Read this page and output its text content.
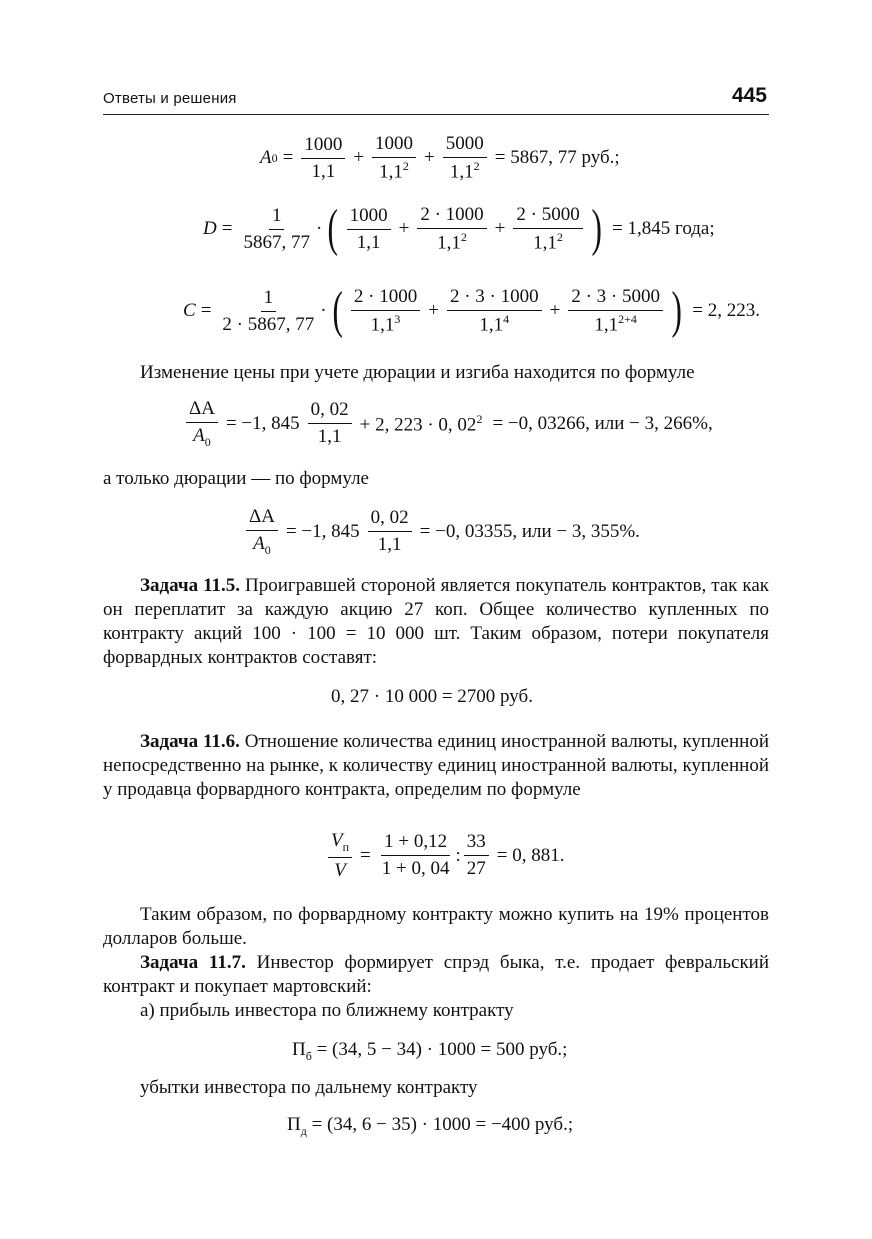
Ответы и решения	445
A $0 = \frac{1000}{1,1} + \frac{1000}{1,1^2} + \frac{5000}{1,1^2} = 5867$, 77 руб.;
$D = \frac{1}{5867, 77}$ · ( $\frac{1000}{1,1} + \frac{2 \cdot 1000}{1,1^2} + \frac{2 \cdot 5000}{1,1^2}$ ) = 1,845 года;
$C = \frac{1}{2 \cdot 5867, 77}$ · ( $\frac{2 \cdot 1000}{1,1^3} + \frac{2 \cdot 3 \cdot 1000}{1,1^4} + \frac{2 \cdot 3 \cdot 5000}{1,1^{2+4}}$ ) = 2, 223.
Изменение цены при учете дюрации и изгиба находится по формуле
$\frac{\Delta A}{A_0} = -1$, $845 \frac{0, 02}{1,1} + 2$, 223 · 0, $02^2 = -0$, 03266, или − 3, 266%,
а только дюрации — по формуле
$\frac{\Delta A}{A_0} = -1$, $845 \frac{0, 02}{1,1} = -0$, 03355, или − 3, 355%.
Задача 11.5. Проигравшей стороной является покупатель контрактов, так как он переплатит за каждую акцию 27 коп. Общее количество купленных по контракту акций 100 · 100 = 10 000 шт. Таким образом, потери покупателя форвардных контрактов составят:
0, 27 · 10 000 = 2700 руб.
Задача 11.6. Отношение количества единиц иностранной валюты, купленной непосредственно на рынке, к количеству единиц иностранной валюты, купленной у продавца форвардного контракта, определим по формуле
$\frac{V_п}{V} = \frac{1 + 0,12}{1 + 0, 04}$ : $\frac{33}{27} = 0$, 881.
Таким образом, по форвардному контракту можно купить на 19% процентов долларов больше.
Задача 11.7. Инвестор формирует спрэд быка, т.е. продает февральский контракт и покупает мартовский:
а) прибыль инвестора по ближнему контракту
$П_б = (34$, 5 − 34) · 1000 = 500 руб.;
убытки инвестора по дальнему контракту
$П_д = (34$, 6 − 35) · 1000 = −400 руб.;
